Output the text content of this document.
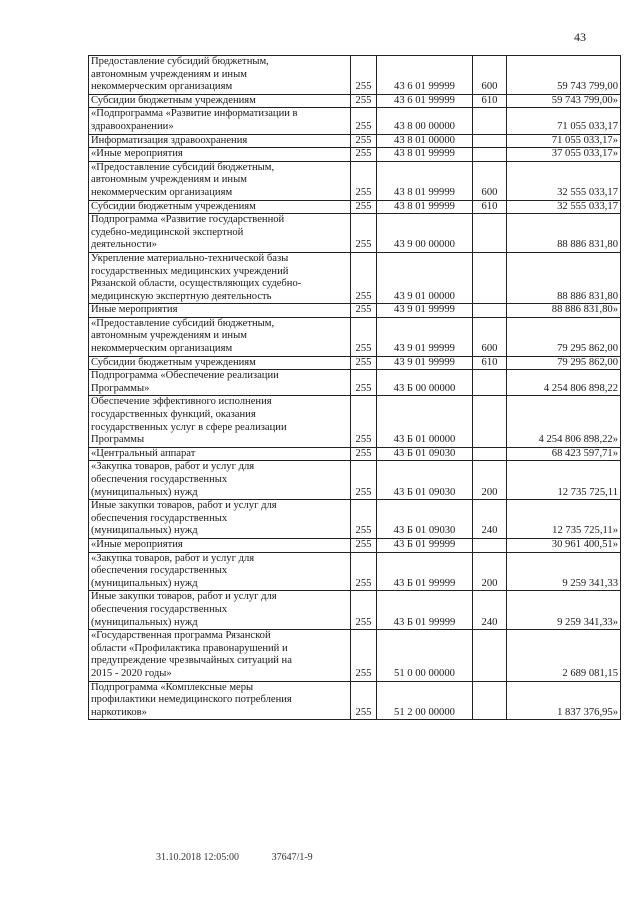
43
Предоставление субсидий бюджетным,
автономным учреждениям и иным
некоммерческим организациям	255	43 6 01 99999	600	59 743 799,00
Субсидии бюджетным учреждениям	255	43 6 01 99999	610	59 743 799,00»
«Подпрограмма «Развитие информатизации в
здравоохранении»	255	43 8 00 00000		71 055 033,17
Информатизация здравоохранения	255	43 8 01 00000		71 055 033,17»
«Иные мероприятия	255	43 8 01 99999		37 055 033,17»
«Предоставление субсидий бюджетным,
автономным учреждениям и иным
некоммерческим организациям	255	43 8 01 99999	600	32 555 033,17
Субсидии бюджетным учреждениям	255	43 8 01 99999	610	32 555 033,17
Подпрограмма «Развитие государственной
судебно-медицинской экспертной
деятельности»	255	43 9 00 00000		88 886 831,80
Укрепление материально-технической базы
государственных медицинских учреждений
Рязанской области, осуществляющих судебно-
медицинскую экспертную деятельность	255	43 9 01 00000		88 886 831,80
Иные мероприятия	255	43 9 01 99999		88 886 831,80»
«Предоставление субсидий бюджетным,
автономным учреждениям и иным
некоммерческим организациям	255	43 9 01 99999	600	79 295 862,00
Субсидии бюджетным учреждениям	255	43 9 01 99999	610	79 295 862,00
Подпрограмма «Обеспечение реализации
Программы»	255	43 Б 00 00000		4 254 806 898,22
Обеспечение эффективного исполнения
государственных функций, оказания
государственных услуг в сфере реализации
Программы	255	43 Б 01 00000		4 254 806 898,22»
«Центральный аппарат	255	43 Б 01 09030		68 423 597,71»
«Закупка товаров, работ и услуг для
обеспечения государственных
(муниципальных) нужд	255	43 Б 01 09030	200	12 735 725,11
Иные закупки товаров, работ и услуг для
обеспечения государственных
(муниципальных) нужд	255	43 Б 01 09030	240	12 735 725,11»
«Иные мероприятия	255	43 Б 01 99999		30 961 400,51»
«Закупка товаров, работ и услуг для
обеспечения государственных
(муниципальных) нужд	255	43 Б 01 99999	200	9 259 341,33
Иные закупки товаров, работ и услуг для
обеспечения государственных
(муниципальных) нужд	255	43 Б 01 99999	240	9 259 341,33»
«Государственная программа Рязанской
области «Профилактика правонарушений и
предупреждение чрезвычайных ситуаций на
2015 - 2020 годы»	255	51 0 00 00000		2 689 081,15
Подпрограмма «Комплексные меры
профилактики немедицинского потребления
наркотиков»	255	51 2 00 00000		1 837 376,95»
31.10.2018 12:05:00	37647/1-9
